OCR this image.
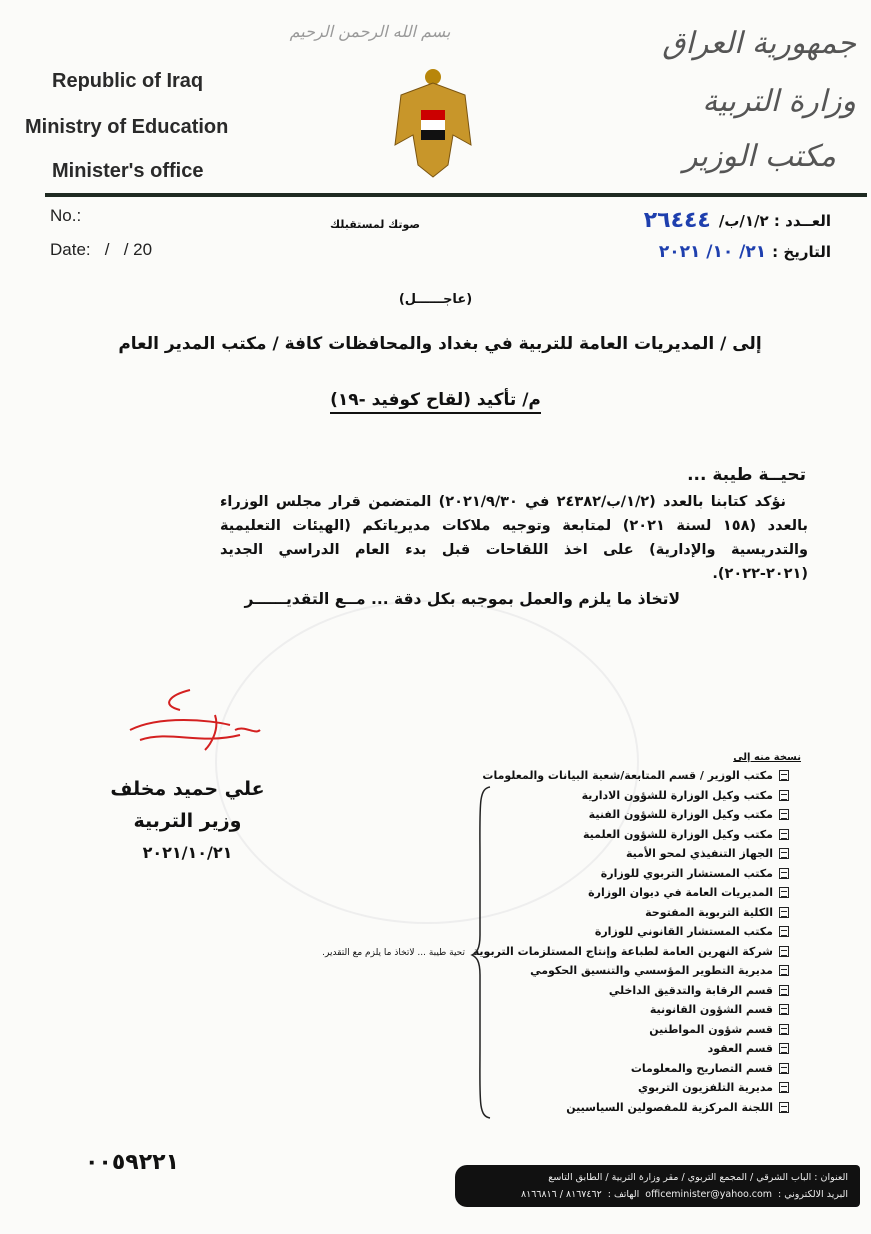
بسم الله الرحمن الرحيم
Republic of Iraq
Ministry of Education
Minister's office
جمهورية العراق
وزارة التربية
مكتب الوزير
No.:
Date:   /   / 20
صوتك لمستقبلك	العــدد : ١/٢/ب/
٢٦٤٤٤
التاريخ :
٢١/ ١٠/ ٢٠٢١
(عاجــــــل)
إلى / المديريات العامة للتربية في بغداد والمحافظات كافة / مكتب المدير العام
م/ تأكيد (لقاح كوفيد -١٩)
تحيــة طيبة ...
نؤكد كتابنا بالعدد (١/٢/ب/٢٤٣٨٢ في ٢٠٢١/٩/٣٠) المتضمن قرار مجلس الوزراء بالعدد (١٥٨ لسنة ٢٠٢١) لمتابعة وتوجيه ملاكات مديرياتكم (الهيئات التعليمية والتدريسية والإدارية) على اخذ اللقاحات قبل بدء العام الدراسي الجديد (٢٠٢١-٢٠٢٢).
لاتخاذ ما يلزم والعمل بموجبه بكل دقة ... مــع التقديــــــر
علي حميد مخلف
وزير التربية
٢٠٢١/١٠/٢١
نسخة منه إلى
مكتب الوزير / قسم المتابعة/شعبة البيانات والمعلومات
مكتب وكيل الوزارة للشؤون الادارية
مكتب وكيل الوزارة للشؤون الفنية
مكتب وكيل الوزارة للشؤون العلمية
الجهاز التنفيذي لمحو الأمية
مكتب المستشار التربوي للوزارة
المديريات العامة في ديوان الوزارة
الكلية التربوية المفتوحة
مكتب المستشار القانوني للوزارة
شركة النهرين العامة لطباعة وإنتاج المستلزمات التربوية
مديرية التطوير المؤسسي والتنسيق الحكومي
قسم الرقابة والتدقيق الداخلي
قسم الشؤون القانونية
قسم شؤون المواطنين
قسم العقود
قسم التصاريح والمعلومات
مديرية التلفزيون التربوي
اللجنة المركزية للمفصولين السياسيين
تحية طيبة ... لاتخاذ ما يلزم مع التقدير.
٠٠٥٩٢٢١
العنوان : الباب الشرقي / المجمع التربوي / مقر وزارة التربية / الطابق التاسع
البريد الالكتروني :
officeminister@yahoo.com
الهاتف :
٨١٦٧٤٦٢ / ٨١٦٦٨١٦
